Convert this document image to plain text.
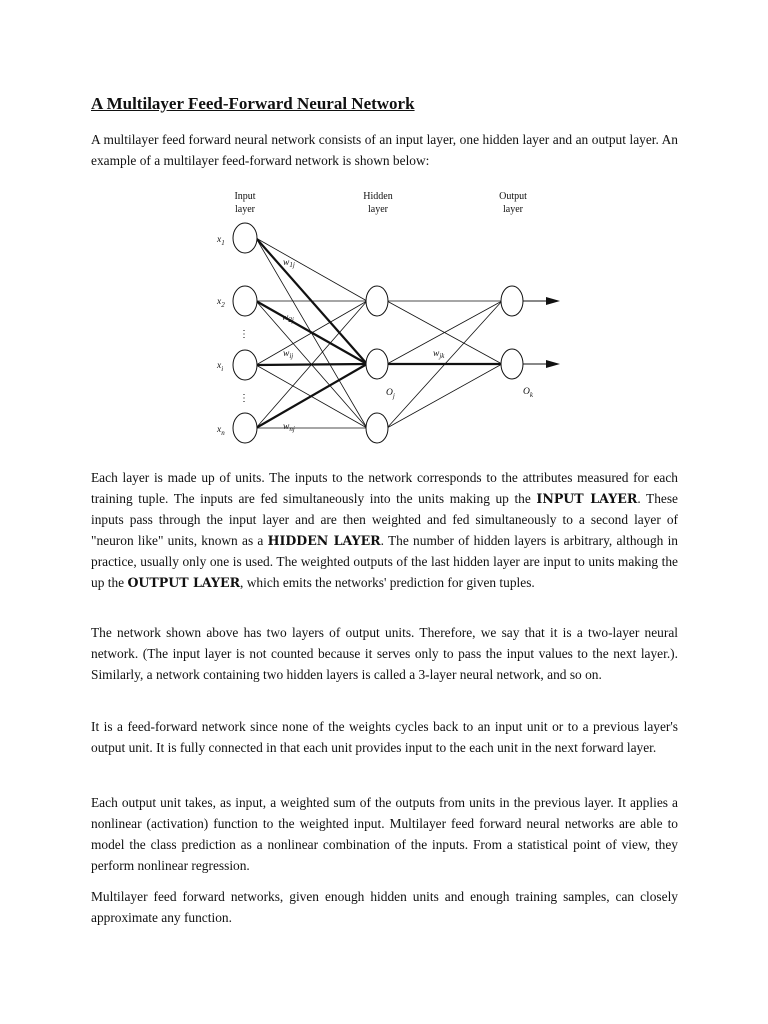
A Multilayer Feed-Forward Neural Network

A multilayer feed forward neural network consists of an input layer, one hidden layer and an output layer. An example of a multilayer feed-forward network is shown below:

Input
layer
Hidden
layer
Output
layer
$x_1$
$x_2$
$x_i$
$x_n$
⋮
⋮
$w_{1j}$
$w_{2j}$
$w_{ij}$
$w_{nj}$
$w_{jk}$
$O_j$	$O_k$

Each layer is made up of units. The inputs to the network corresponds to the attributes measured for each training tuple. The inputs are fed simultaneously into the units making up the INPUT LAYER. These inputs pass through the input layer and are then weighted and fed simultaneously to a second layer of "neuron like" units, known as a HIDDEN LAYER. The number of hidden layers is arbitrary, although in practice, usually only one is used. The weighted outputs of the last hidden layer are input to units making the up the OUTPUT LAYER, which emits the networks' prediction for given tuples.

The network shown above has two layers of output units. Therefore, we say that it is a two-layer neural network. (The input layer is not counted because it serves only to pass the input values to the next layer.). Similarly, a network containing two hidden layers is called a 3-layer neural network, and so on.

It is a feed-forward network since none of the weights cycles back to an input unit or to a previous layer's output unit. It is fully connected in that each unit provides input to the each unit in the next forward layer.

Each output unit takes, as input, a weighted sum of the outputs from units in the previous layer. It applies a nonlinear (activation) function to the weighted input. Multilayer feed forward neural networks are able to model the class prediction as a nonlinear combination of the inputs. From a statistical point of view, they perform nonlinear regression.

Multilayer feed forward networks, given enough hidden units and enough training samples, can closely approximate any function.
